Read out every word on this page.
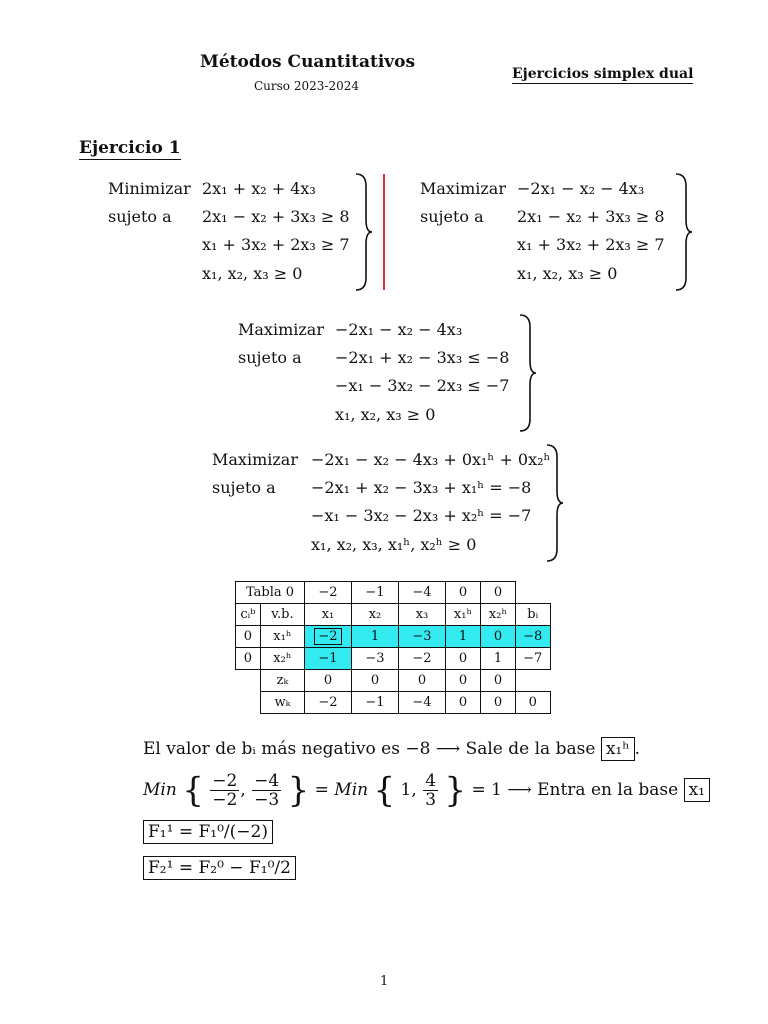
Métodos Cuantitativos
Curso 2023-2024
Ejercicios simplex dual
Ejercicio 1
Minimizar 2x₁ + x₂ + 4x₃
sujeto a 2x₁ − x₂ + 3x₃ ≥ 8
x₁ + 3x₂ + 2x₃ ≥ 7
x₁, x₂, x₃ ≥ 0
Maximizar −2x₁ − x₂ − 4x₃
sujeto a 2x₁ − x₂ + 3x₃ ≥ 8
x₁ + 3x₂ + 2x₃ ≥ 7
x₁, x₂, x₃ ≥ 0
Maximizar −2x₁ − x₂ − 4x₃
sujeto a −2x₁ + x₂ − 3x₃ ≤ −8
−x₁ − 3x₂ − 2x₃ ≤ −7
x₁, x₂, x₃ ≥ 0
Maximizar −2x₁ − x₂ − 4x₃ + 0x₁ʰ + 0x₂ʰ
sujeto a −2x₁ + x₂ − 3x₃ + x₁ʰ = −8
−x₁ − 3x₂ − 2x₃ + x₂ʰ = −7
x₁, x₂, x₃, x₁ʰ, x₂ʰ ≥ 0
Tabla 0		−2	−1	−4	0	0	
cᵢᵇ	v.b.	x₁	x₂	x₃	x₁ʰ	x₂ʰ	bᵢ
0	x₁ʰ	−2	1	−3	1	0	−8
0	x₂ʰ	−1	−3	−2	0	1	−7
	zₖ	0	0	0	0	0	
	wₖ	−2	−1	−4	0	0	0
El valor de bᵢ más negativo es −8 ⟶ Sale de la base x₁ʰ .
Min { $\frac{-2}{-2}$ , $\frac{-4}{-3}$ } = Min { 1, $\frac{4}{3}$ } = 1 ⟶ Entra en la base x₁
F₁¹ = F₁⁰/(−2)
F₂¹ = F₂⁰ − F₁⁰/2
1
